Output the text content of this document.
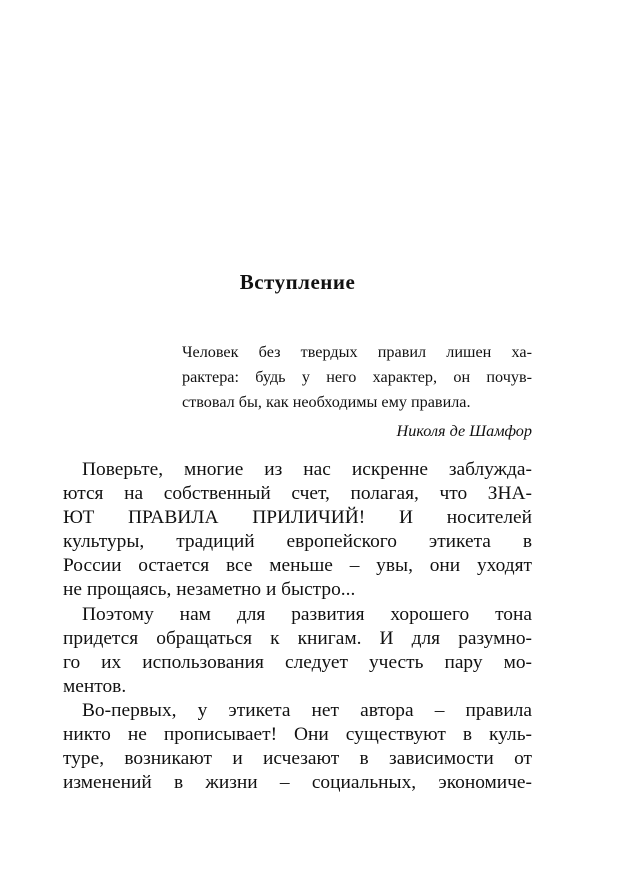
Вступление
Человек без твердых правил лишен ха-
рактера: будь у него характер, он почув-
ствовал бы, как необходимы ему правила.
Николя де Шамфор
Поверьте, многие из нас искренне заблужда-
ются на собственный счет, полагая, что ЗНА-
ЮТ ПРАВИЛА ПРИЛИЧИЙ! И носителей
культуры, традиций европейского этикета в
России остается все меньше – увы, они уходят
не прощаясь, незаметно и быстро...
Поэтому нам для развития хорошего тона
придется обращаться к книгам. И для разумно-
го их использования следует учесть пару мо-
ментов.
Во-первых, у этикета нет автора – правила
никто не прописывает! Они существуют в куль-
туре, возникают и исчезают в зависимости от
изменений в жизни – социальных, экономиче-
